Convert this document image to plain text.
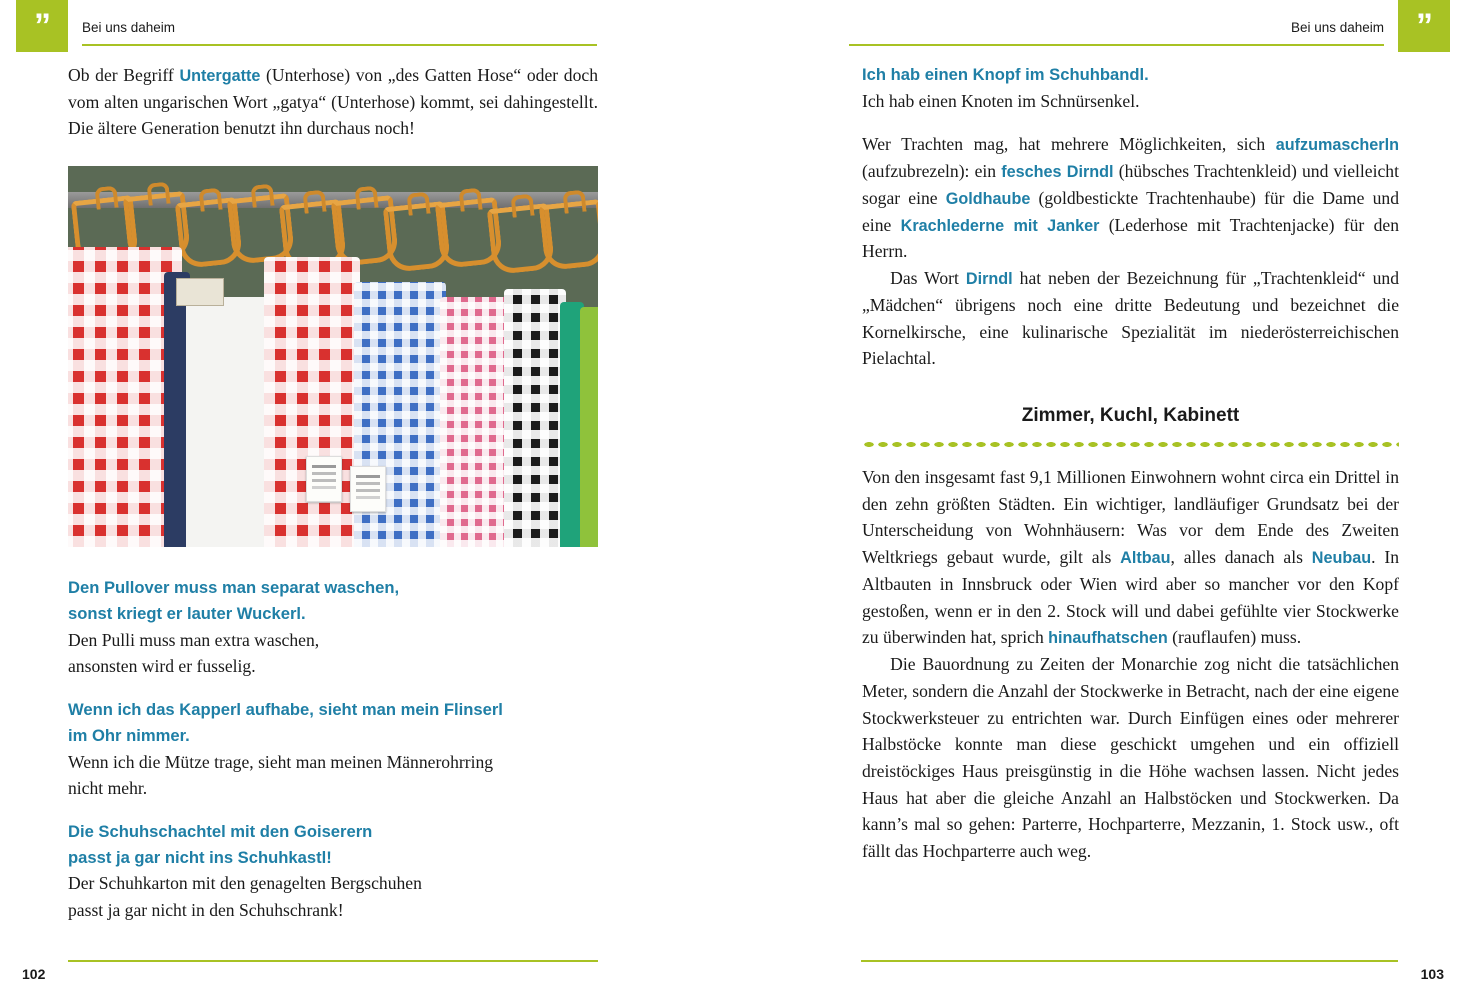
”	Bei uns daheim

Ob der Begriff Untergatte (Unterhose) von „des Gatten Hose“ oder doch vom alten ungarischen Wort „gatya“ (Unterhose) kommt, sei dahingestellt. Die ältere Generation benutzt ihn durchaus noch!

Den Pullover muss man separat waschen,

sonst kriegt er lauter Wuckerl.

Den Pulli muss man extra waschen,

ansonsten wird er fusselig.

Wenn ich das Kapperl aufhabe, sieht man mein Flinserl

im Ohr nimmer.

Wenn ich die Mütze trage, sieht man meinen Männerohrring

nicht mehr.

Die Schuhschachtel mit den Goiserern

passt ja gar nicht ins Schuhkastl!

Der Schuhkarton mit den genagelten Bergschuhen

passt ja gar nicht in den Schuhschrank!

102
”
Bei uns daheim

Ich hab einen Knopf im Schuhbandl.

Ich hab einen Knoten im Schnürsenkel.

Wer Trachten mag, hat mehrere Möglichkeiten, sich aufzumascherln (aufzubrezeln): ein fesches Dirndl (hübsches Trachtenkleid) und vielleicht sogar eine Goldhaube (goldbestickte Trachtenhaube) für die Dame und eine Krachlederne mit Janker (Lederhose mit Trachtenjacke) für den Herrn.

Das Wort Dirndl hat neben der Bezeichnung für „Trachtenkleid“ und „Mädchen“ übrigens noch eine dritte Bedeutung und bezeichnet die Kornelkirsche, eine kulinarische Spezialität im niederösterreichischen Pielachtal.

Zimmer, Kuchl, Kabinett

Von den insgesamt fast 9,1 Millionen Einwohnern wohnt circa ein Drittel in den zehn größten Städten. Ein wichtiger, landläufiger Grundsatz bei der Unterscheidung von Wohnhäusern: Was vor dem Ende des Zweiten Weltkriegs gebaut wurde, gilt als Altbau, alles danach als Neubau. In Altbauten in Innsbruck oder Wien wird aber so mancher vor den Kopf gestoßen, wenn er in den 2. Stock will und dabei gefühlte vier Stockwerke zu überwinden hat, sprich hinaufhatschen (rauflaufen) muss.

Die Bauordnung zu Zeiten der Monarchie zog nicht die tatsächlichen Meter, sondern die Anzahl der Stockwerke in Betracht, nach der eine eigene Stockwerksteuer zu entrichten war. Durch Einfügen eines oder mehrerer Halbstöcke konnte man diese geschickt umgehen und ein offiziell dreistöckiges Haus preisgünstig in die Höhe wachsen lassen. Nicht jedes Haus hat aber die gleiche Anzahl an Halbstöcken und Stockwerken. Da kann’s mal so gehen: Parterre, Hochparterre, Mezzanin, 1. Stock usw., oft fällt das Hochparterre auch weg.

103
